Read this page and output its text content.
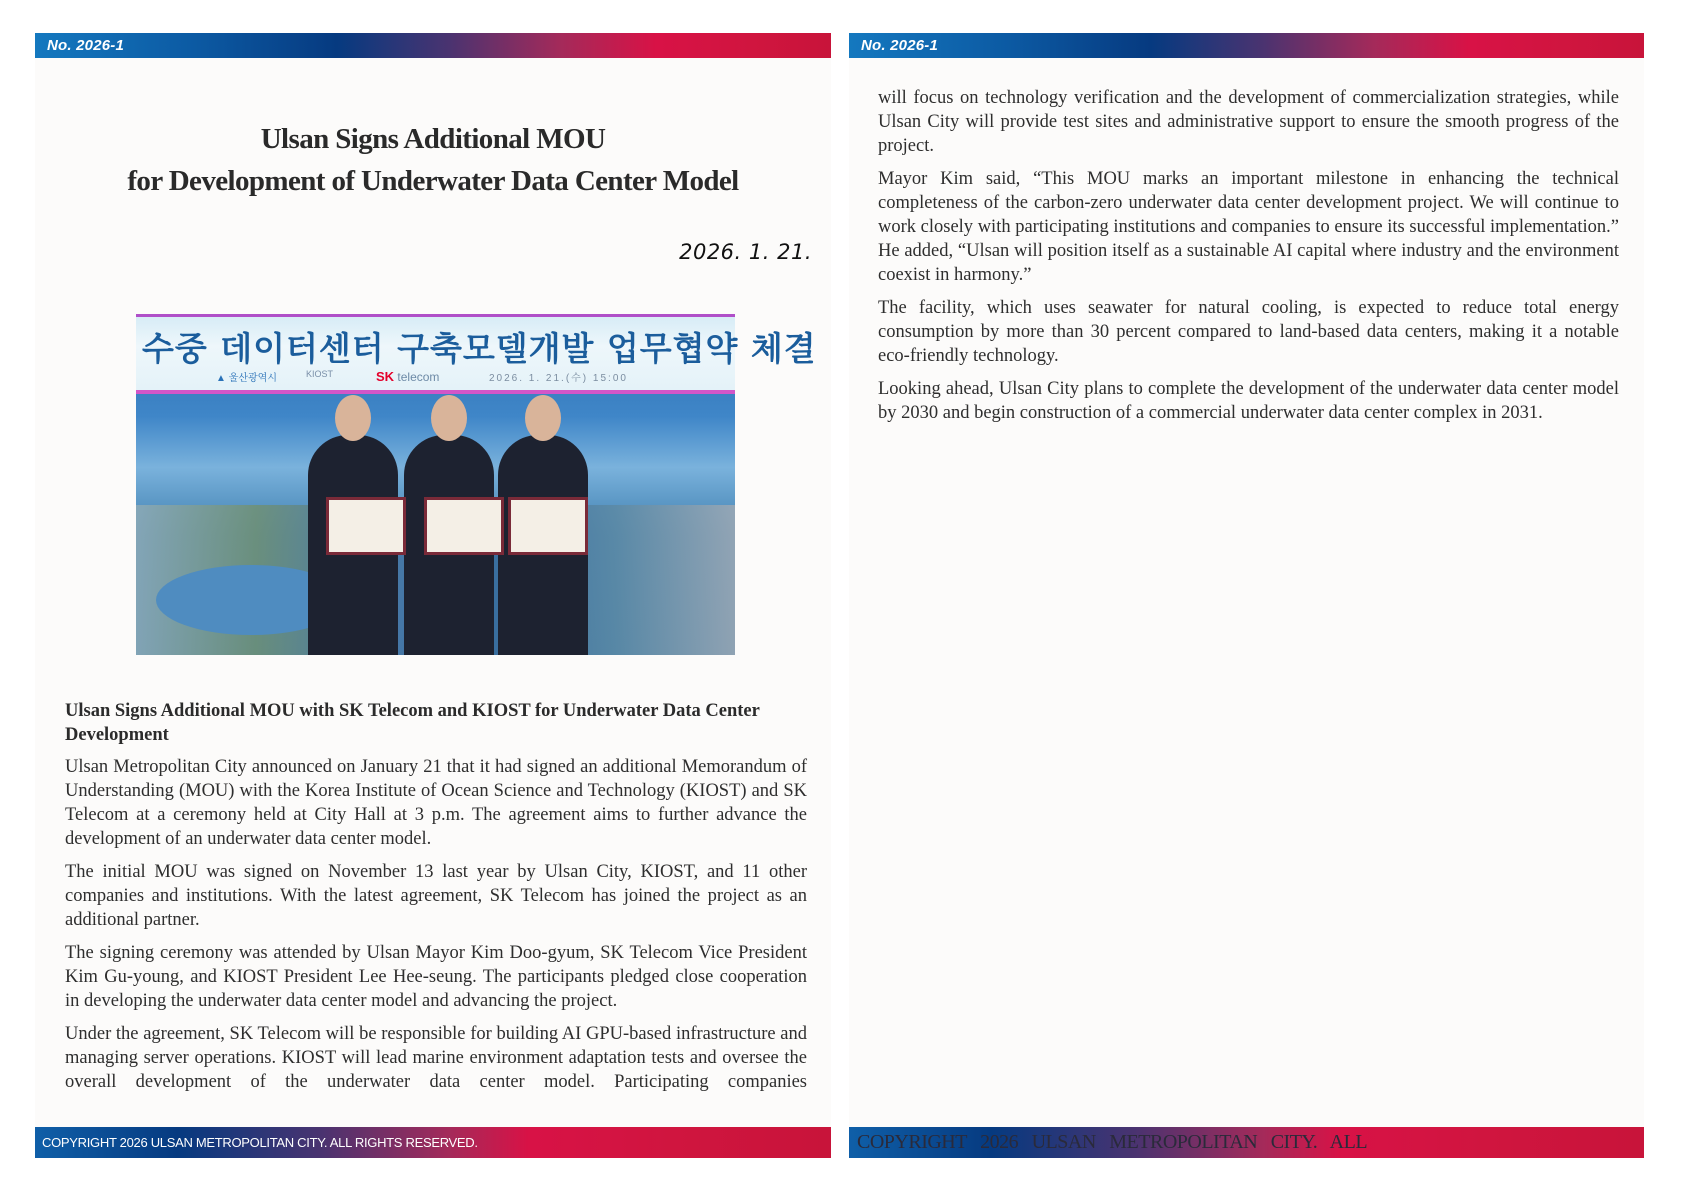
No. 2026-1
Ulsan Signs Additional MOU
for Development of Underwater Data Center Model
2026. 1. 21.
수중 데이터센터 구축모델개발 업무협약 체결
▲ 울산광역시	KIOST	SK telecom	2026. 1. 21.(수) 15:00
Ulsan Signs Additional MOU with SK Telecom and KIOST for Underwater Data Center Development

Ulsan Metropolitan City announced on January 21 that it had signed an additional Memorandum of Understanding (MOU) with the Korea Institute of Ocean Science and Technology (KIOST) and SK Telecom at a ceremony held at City Hall at 3 p.m. The agreement aims to further advance the development of an underwater data center model.

The initial MOU was signed on November 13 last year by Ulsan City, KIOST, and 11 other companies and institutions. With the latest agreement, SK Telecom has joined the project as an additional partner.

The signing ceremony was attended by Ulsan Mayor Kim Doo-gyum, SK Telecom Vice President Kim Gu-young, and KIOST President Lee Hee-seung. The participants pledged close cooperation in developing the underwater data center model and advancing the project.

Under the agreement, SK Telecom will be responsible for building AI GPU-based infrastructure and managing server operations. KIOST will lead marine environment adaptation tests and oversee the overall development of the underwater data center model. Participating companies

COPYRIGHT 2026 ULSAN METROPOLITAN CITY. ALL RIGHTS RESERVED.
No. 2026-1

will focus on technology verification and the development of commercialization strategies, while Ulsan City will provide test sites and administrative support to ensure the smooth progress of the project.

Mayor Kim said, “This MOU marks an important milestone in enhancing the technical completeness of the carbon-zero underwater data center development project. We will continue to work closely with participating institutions and companies to ensure its successful implementation.” He added, “Ulsan will position itself as a sustainable AI capital where industry and the environment coexist in harmony.”

The facility, which uses seawater for natural cooling, is expected to reduce total energy consumption by more than 30 percent compared to land-based data centers, making it a notable eco-friendly technology.

Looking ahead, Ulsan City plans to complete the development of the underwater data center model by 2030 and begin construction of a commercial underwater data center complex in 2031.

COPYRIGHT 2026 ULSAN METROPOLITAN CITY. ALL
